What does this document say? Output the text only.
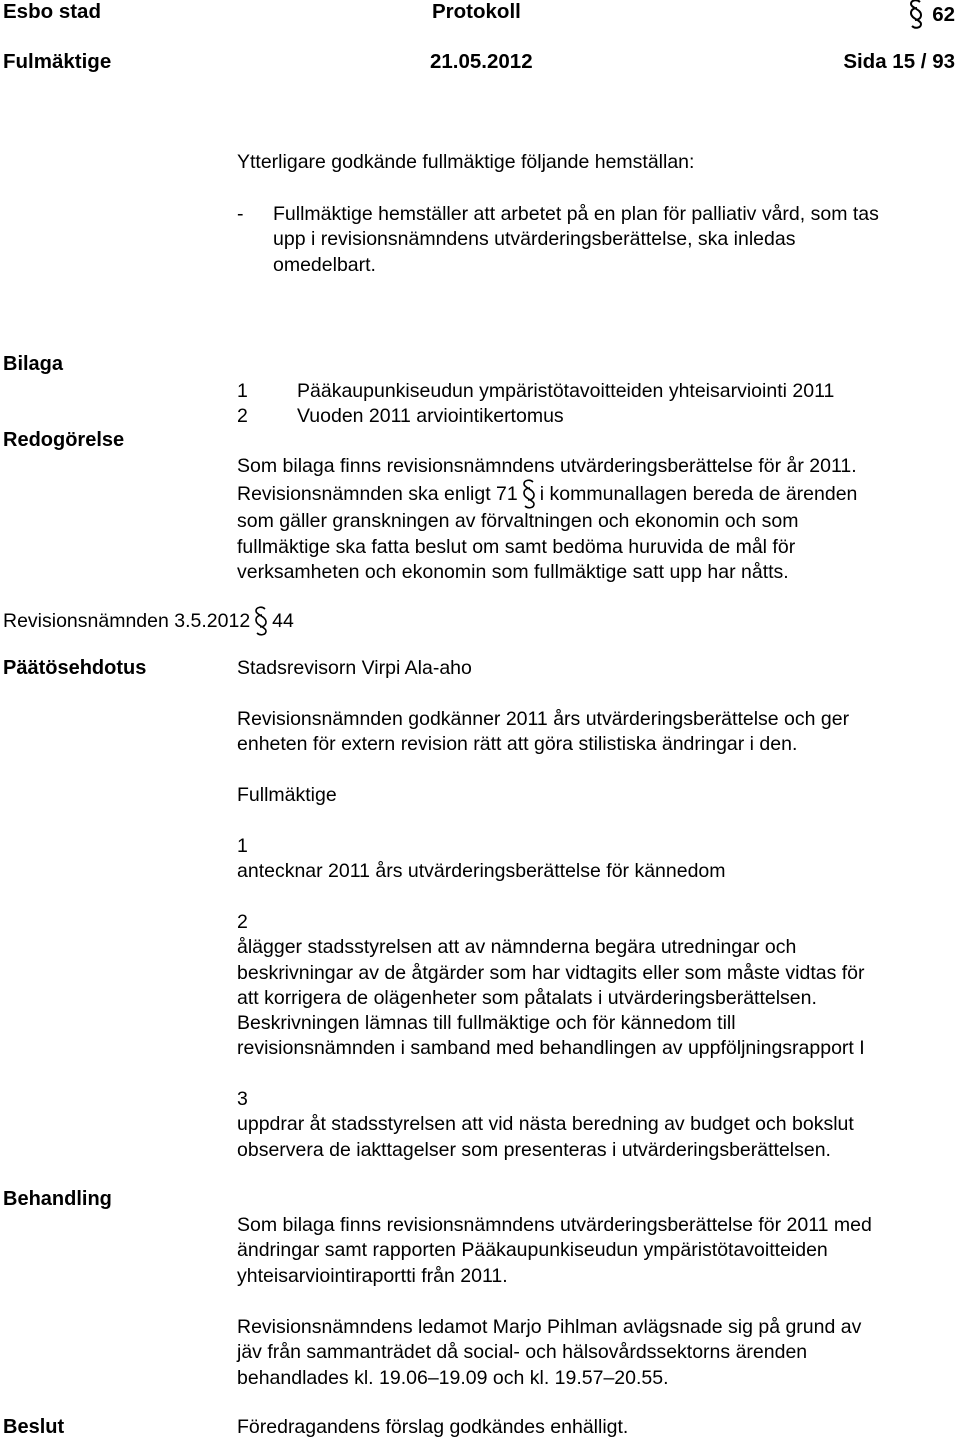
Esbo stad	Protokoll	62
Fulmäktige	21.05.2012	Sida 15 / 93
Ytterligare godkände fullmäktige följande hemställan:
- Fullmäktige hemställer att arbetet på en plan för palliativ vård, som tas
upp i revisionsnämndens utvärderingsberättelse, ska inledas
omedelbart.
Bilaga
1	Pääkaupunkiseudun ympäristötavoitteiden yhteisarviointi 2011
2	Vuoden 2011 arviointikertomus
Redogörelse
Som bilaga finns revisionsnämndens utvärderingsberättelse för år 2011.
Revisionsnämnden ska enligt 71 i kommunallagen bereda de ärenden
som gäller granskningen av förvaltningen och ekonomin och som
fullmäktige ska fatta beslut om samt bedöma huruvida de mål för
verksamheten och ekonomin som fullmäktige satt upp har nåtts.
Revisionsnämnden 3.5.2012 44
Päätösehdotus	Stadsrevisorn Virpi Ala-aho
Revisionsnämnden godkänner 2011 års utvärderingsberättelse och ger
enheten för extern revision rätt att göra stilistiska ändringar i den.
Fullmäktige
1
antecknar 2011 års utvärderingsberättelse för kännedom
2
ålägger stadsstyrelsen att av nämnderna begära utredningar och
beskrivningar av de åtgärder som har vidtagits eller som måste vidtas för
att korrigera de olägenheter som påtalats i utvärderingsberättelsen.
Beskrivningen lämnas till fullmäktige och för kännedom till
revisionsnämnden i samband med behandlingen av uppföljningsrapport I
3
uppdrar åt stadsstyrelsen att vid nästa beredning av budget och bokslut
observera de iakttagelser som presenteras i utvärderingsberättelsen.
Behandling
Som bilaga finns revisionsnämndens utvärderingsberättelse för 2011 med
ändringar samt rapporten Pääkaupunkiseudun ympäristötavoitteiden
yhteisarviointiraportti från 2011.
Revisionsnämndens ledamot Marjo Pihlman avlägsnade sig på grund av
jäv från sammanträdet då social- och hälsovårdssektorns ärenden
behandlades kl. 19.06–19.09 och kl. 19.57–20.55.
Beslut	Föredragandens förslag godkändes enhälligt.
